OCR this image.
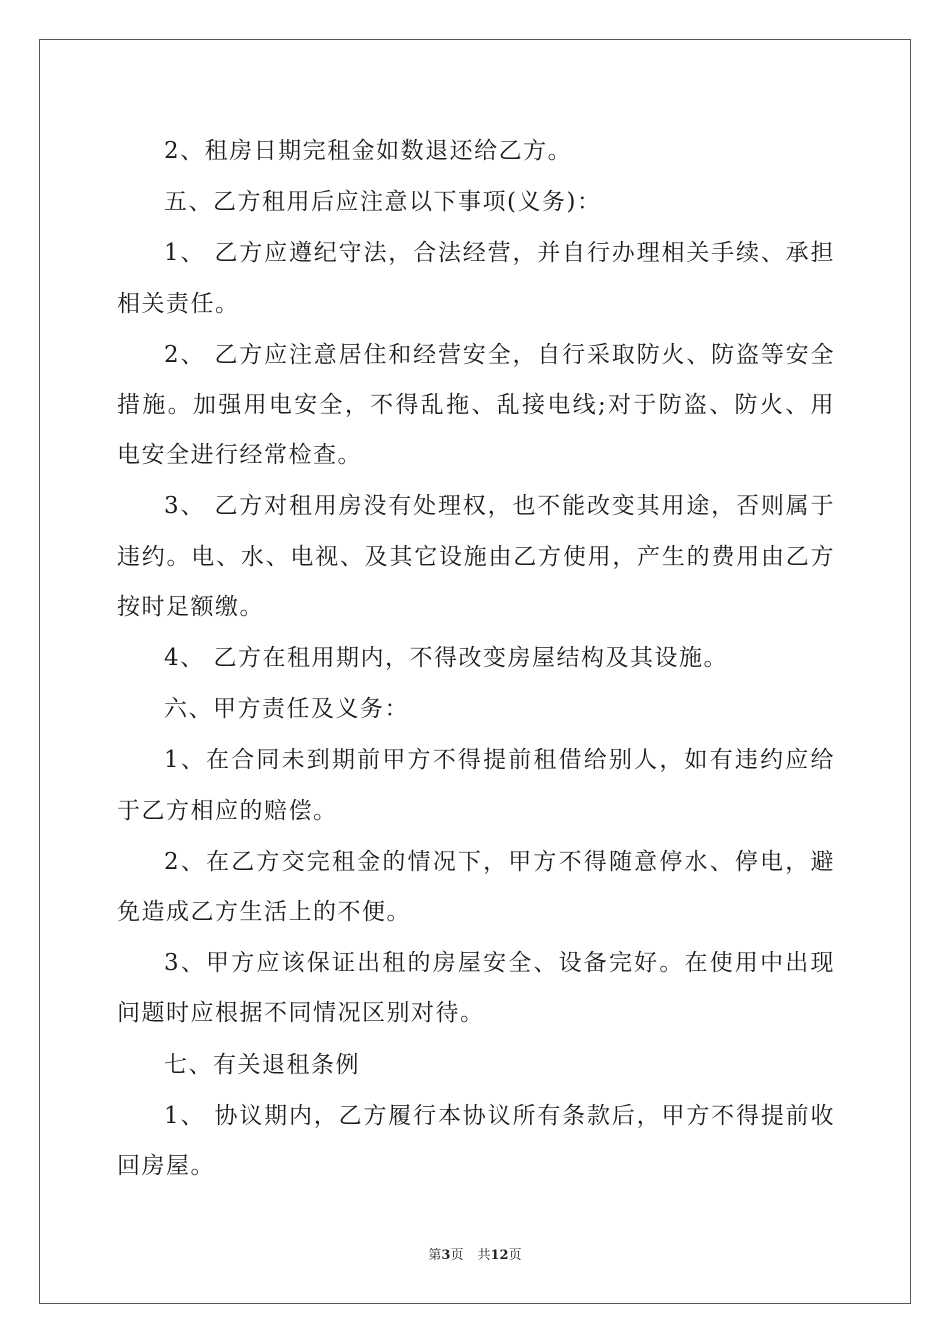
2、租房日期完租金如数退还给乙方。

五、乙方租用后应注意以下事项(义务)：

1、 乙方应遵纪守法，合法经营，并自行办理相关手续、承担相关责任。

2、 乙方应注意居住和经营安全，自行采取防火、防盗等安全措施。加强用电安全，不得乱拖、乱接电线;对于防盗、防火、用电安全进行经常检查。

3、 乙方对租用房没有处理权，也不能改变其用途，否则属于违约。电、水、电视、及其它设施由乙方使用，产生的费用由乙方按时足额缴。

4、 乙方在租用期内，不得改变房屋结构及其设施。

六、甲方责任及义务：

1、在合同未到期前甲方不得提前租借给别人，如有违约应给于乙方相应的赔偿。

2、在乙方交完租金的情况下，甲方不得随意停水、停电，避免造成乙方生活上的不便。

3、甲方应该保证出租的房屋安全、设备完好。在使用中出现问题时应根据不同情况区别对待。

七、有关退租条例

1、 协议期内，乙方履行本协议所有条款后，甲方不得提前收回房屋。

第3页 共12页
